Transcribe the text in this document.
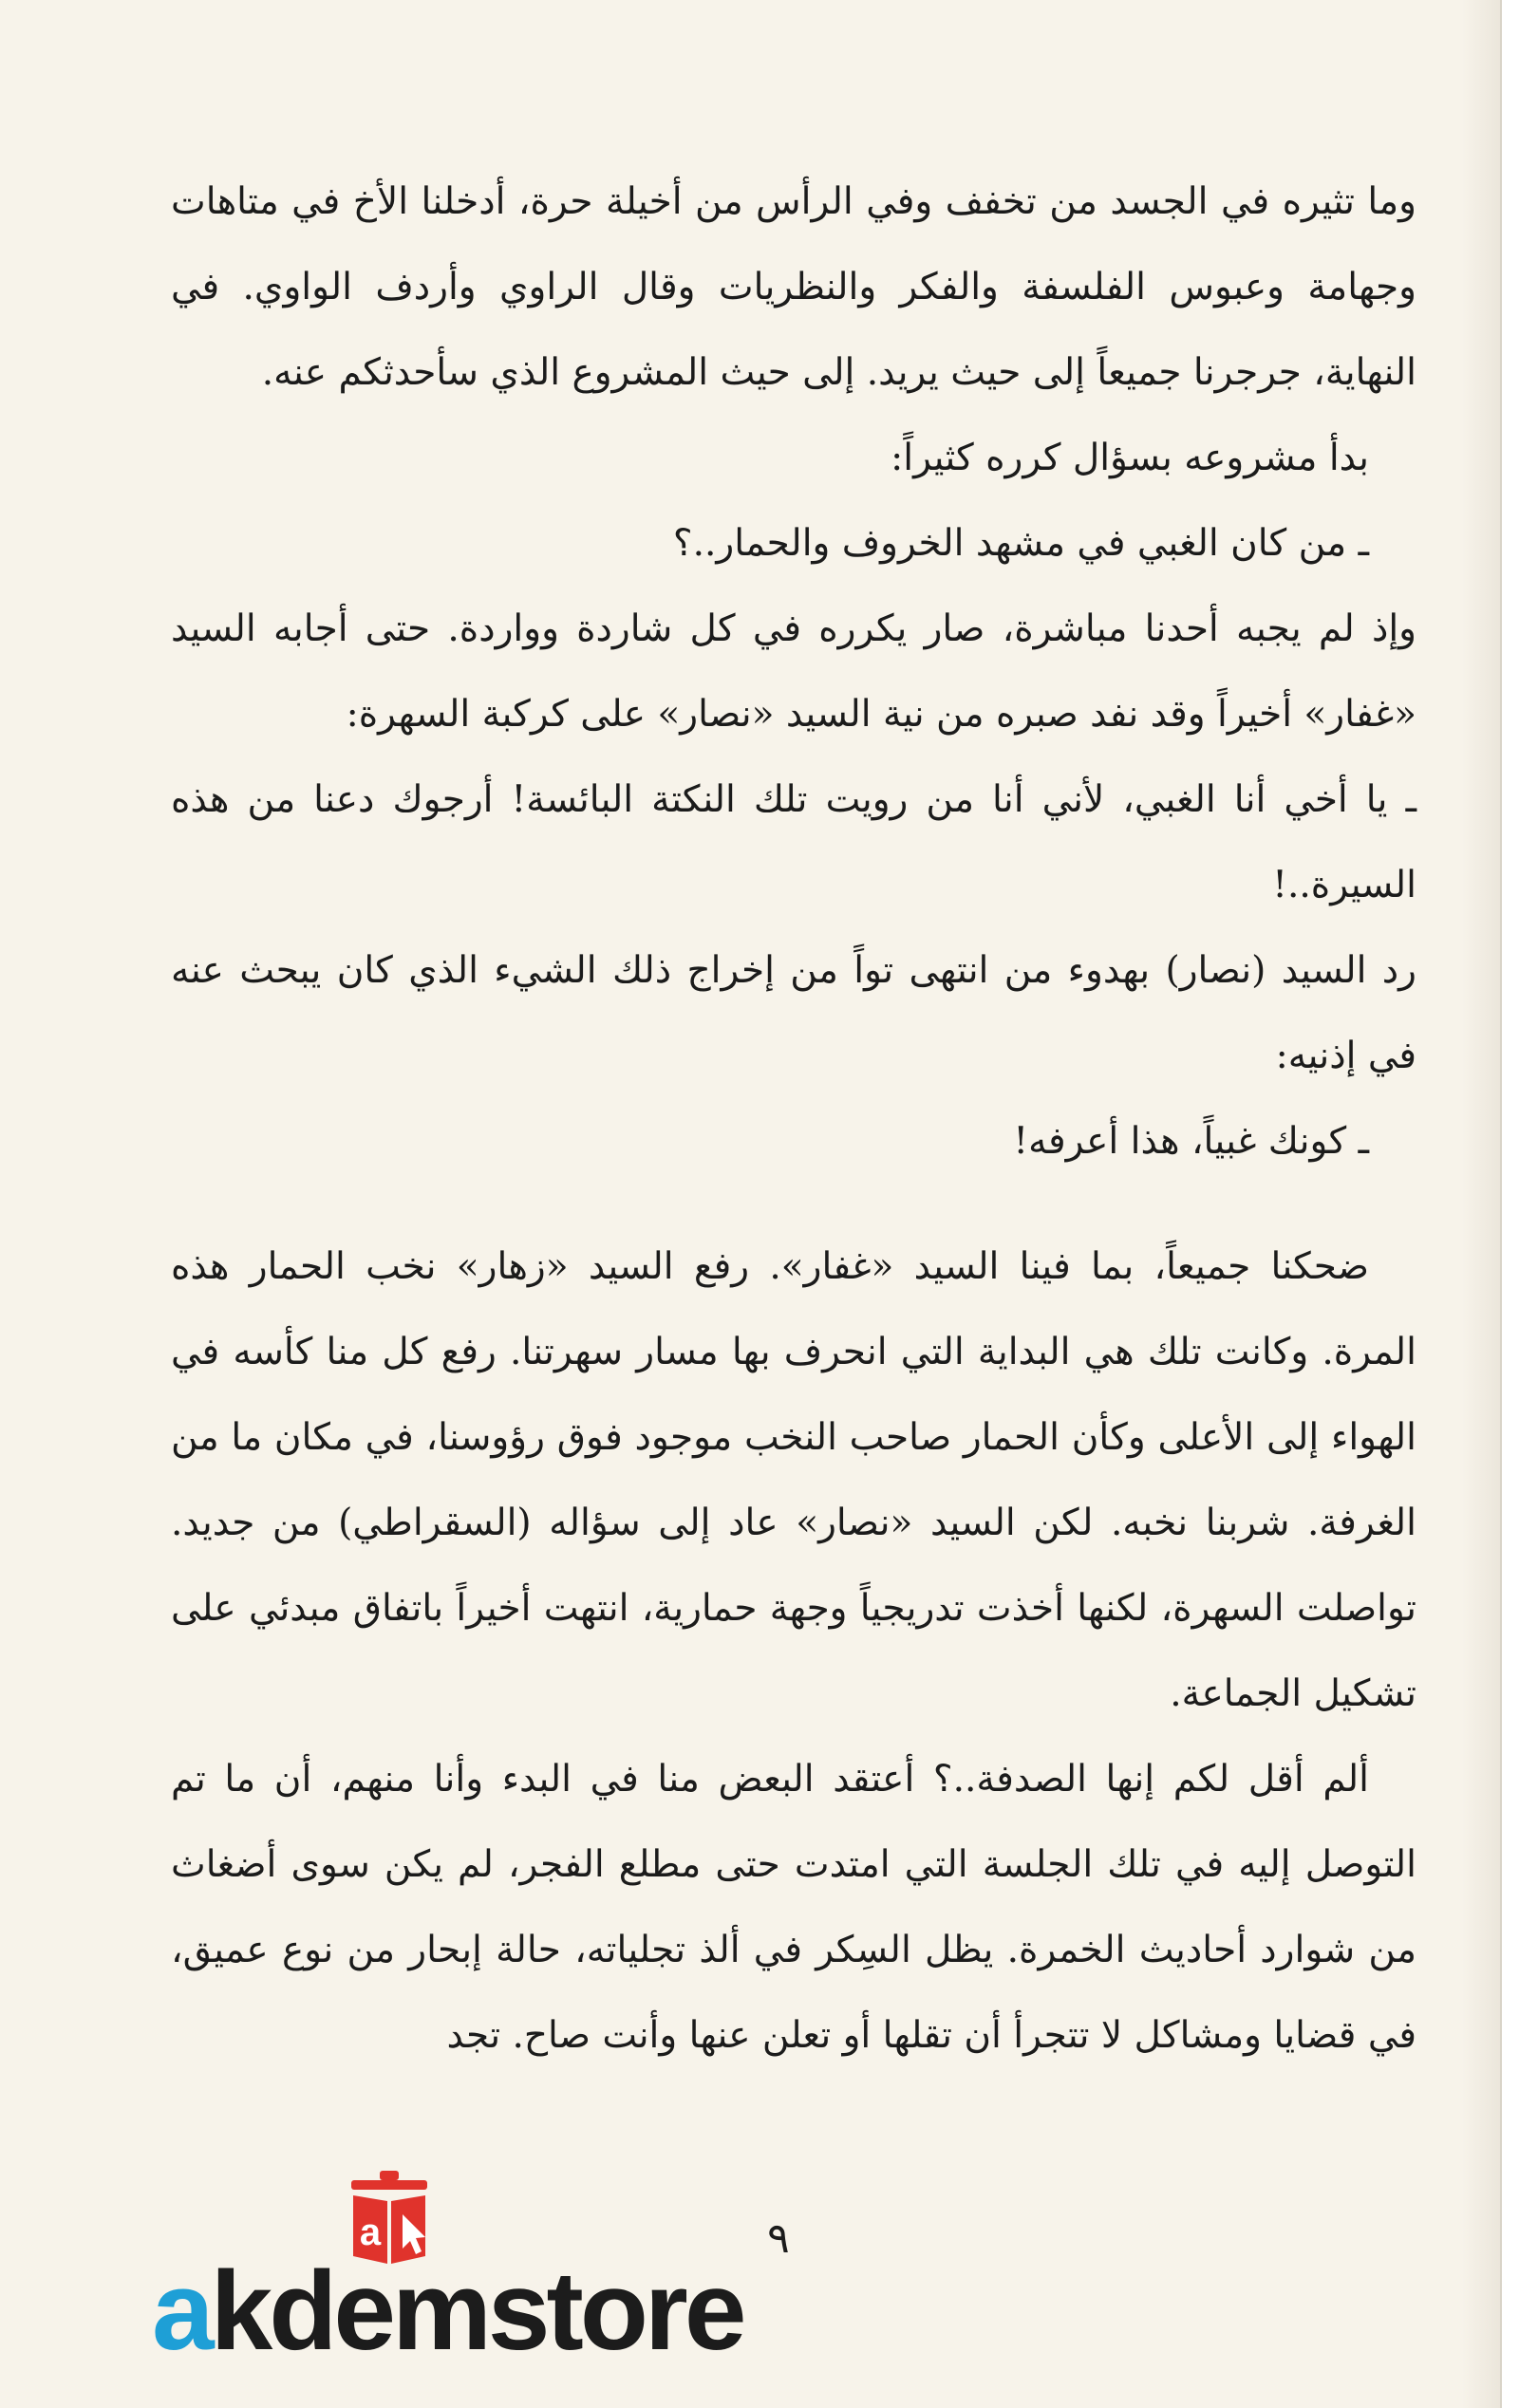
وما تثيره في الجسد من تخفف وفي الرأس من أخيلة حرة، أدخلنا الأخ في متاهات وجهامة وعبوس الفلسفة والفكر والنظريات وقال الراوي وأردف الواوي. في النهاية، جرجرنا جميعاً إلى حيث يريد. إلى حيث المشروع الذي سأحدثكم عنه.

بدأ مشروعه بسؤال كرره كثيراً:

ـ من كان الغبي في مشهد الخروف والحمار..؟

وإذ لم يجبه أحدنا مباشرة، صار يكرره في كل شاردة وواردة. حتى أجابه السيد «غفار» أخيراً وقد نفد صبره من نية السيد «نصار» على كركبة السهرة:

ـ يا أخي أنا الغبي، لأني أنا من رويت تلك النكتة البائسة! أرجوك دعنا من هذه السيرة..!

رد السيد (نصار) بهدوء من انتهى تواً من إخراج ذلك الشيء الذي كان يبحث عنه في إذنيه:

ـ كونك غبياً، هذا أعرفه!

ضحكنا جميعاً، بما فينا السيد «غفار». رفع السيد «زهار» نخب الحمار هذه المرة. وكانت تلك هي البداية التي انحرف بها مسار سهرتنا. رفع كل منا كأسه في الهواء إلى الأعلى وكأن الحمار صاحب النخب موجود فوق رؤوسنا، في مكان ما من الغرفة. شربنا نخبه. لكن السيد «نصار» عاد إلى سؤاله (السقراطي) من جديد. تواصلت السهرة، لكنها أخذت تدريجياً وجهة حمارية، انتهت أخيراً باتفاق مبدئي على تشكيل الجماعة.

ألم أقل لكم إنها الصدفة..؟ أعتقد البعض منا في البدء وأنا منهم، أن ما تم التوصل إليه في تلك الجلسة التي امتدت حتى مطلع الفجر، لم يكن سوى أضغاث من شوارد أحاديث الخمرة. يظل السِكر في ألذ تجلياته، حالة إبحار من نوع عميق، في قضايا ومشاكل لا تتجرأ أن تقلها أو تعلن عنها وأنت صاح. تجد

٩
a
akdemstore
